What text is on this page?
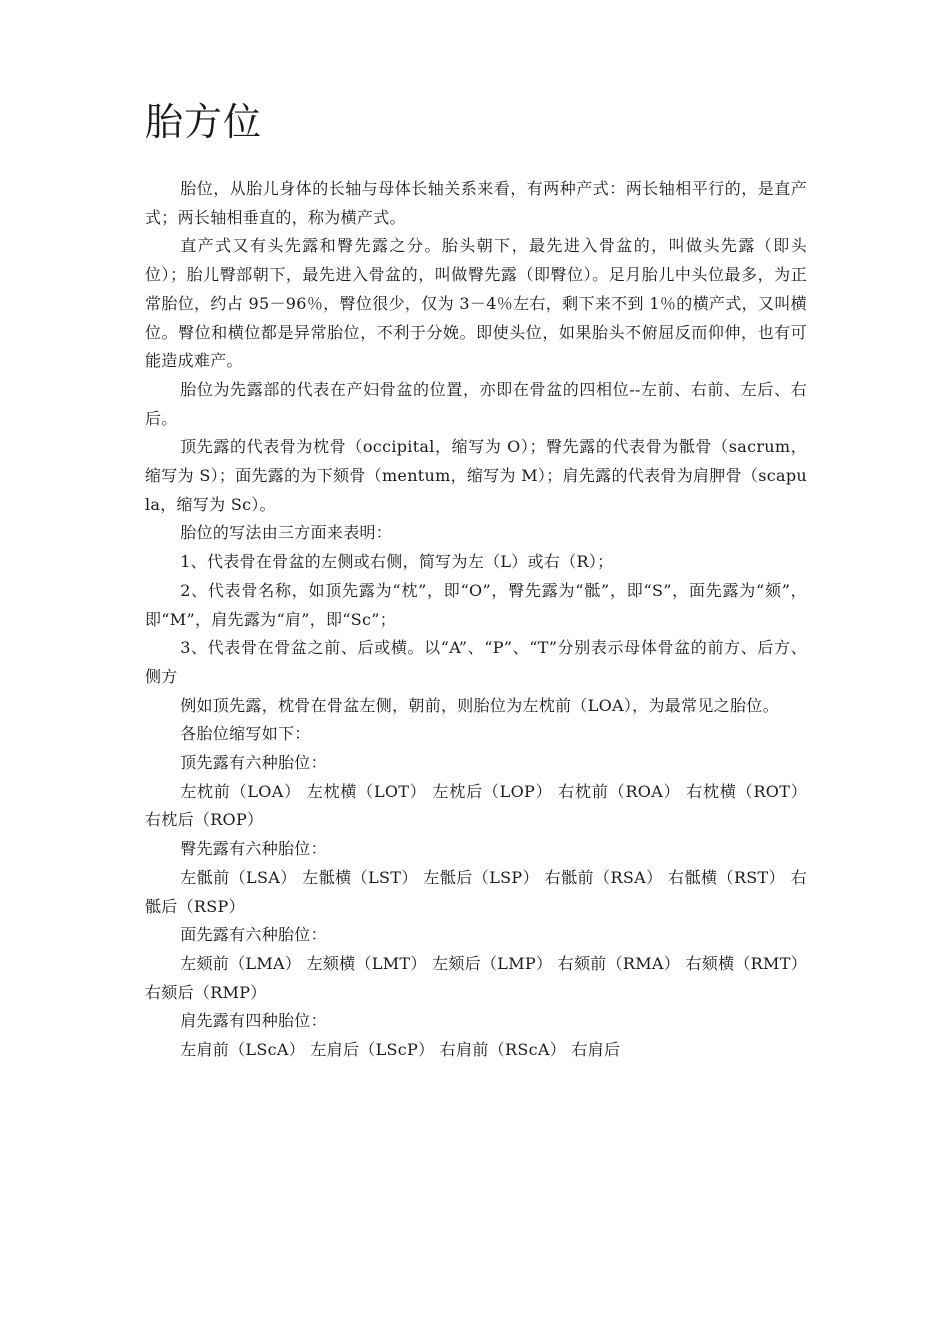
胎方位

胎位，从胎儿身体的长轴与母体长轴关系来看，有两种产式：两长轴相平行的，是直产式；两长轴相垂直的，称为横产式。

直产式又有头先露和臀先露之分。胎头朝下，最先进入骨盆的，叫做头先露（即头位）；胎儿臀部朝下，最先进入骨盆的，叫做臀先露（即臀位）。足月胎儿中头位最多，为正常胎位，约占 95－96％，臀位很少，仅为 3－4％左右，剩下来不到 1％的横产式，又叫横位。臀位和横位都是异常胎位，不利于分娩。即使头位，如果胎头不俯屈反而仰伸，也有可能造成难产。

胎位为先露部的代表在产妇骨盆的位置，亦即在骨盆的四相位--左前、右前、左后、右后。

顶先露的代表骨为枕骨（occipital，缩写为 O）；臀先露的代表骨为骶骨（sacrum，缩写为 S）；面先露的为下颏骨（mentum，缩写为 M）；肩先露的代表骨为肩胛骨（scapula，缩写为 Sc）。

胎位的写法由三方面来表明：

1、代表骨在骨盆的左侧或右侧，简写为左（L）或右（R）；

2、代表骨名称，如顶先露为“枕”，即“O”，臀先露为“骶”，即“S”，面先露为“颏”，即“M”，肩先露为“肩”，即“Sc”；

3、代表骨在骨盆之前、后或横。以“A”、“P”、“T”分别表示母体骨盆的前方、后方、侧方

例如顶先露，枕骨在骨盆左侧，朝前，则胎位为左枕前（LOA），为最常见之胎位。

各胎位缩写如下：

顶先露有六种胎位：

左枕前（LOA） 左枕横（LOT） 左枕后（LOP） 右枕前（ROA） 右枕横（ROT） 右枕后（ROP）

臀先露有六种胎位：

左骶前（LSA） 左骶横（LST） 左骶后（LSP） 右骶前（RSA） 右骶横（RST） 右骶后（RSP）

面先露有六种胎位：

左颏前（LMA） 左颏横（LMT） 左颏后（LMP） 右颏前（RMA） 右颏横（RMT） 右颏后（RMP）

肩先露有四种胎位：

左肩前（LScA） 左肩后（LScP） 右肩前（RScA） 右肩后
